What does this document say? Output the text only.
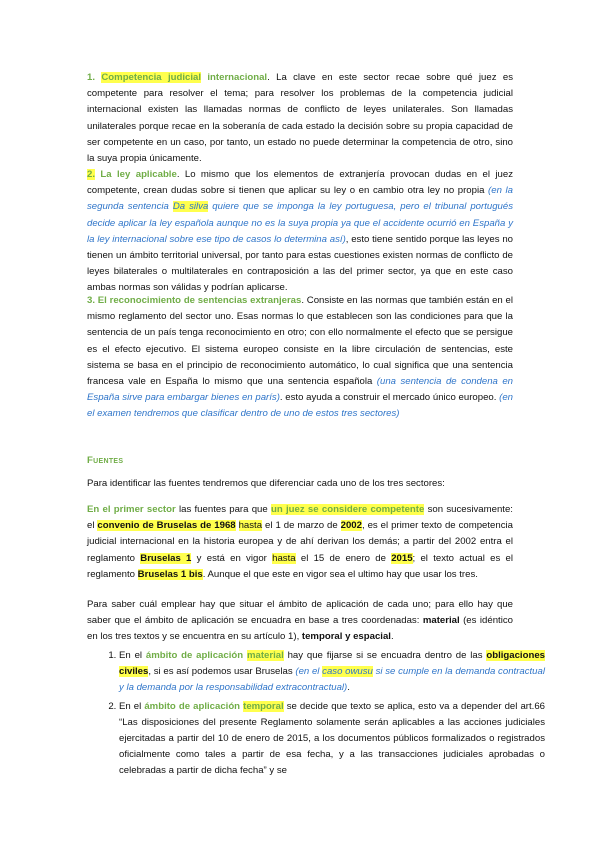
1. Competencia judicial internacional. La clave en este sector recae sobre qué juez es competente para resolver el tema; para resolver los problemas de la competencia judicial internacional existen las llamadas normas de conflicto de leyes unilaterales. Son llamadas unilaterales porque recae en la soberanía de cada estado la decisión sobre su propia capacidad de ser competente en un caso, por tanto, un estado no puede determinar la competencia de otro, sino la suya propia únicamente.

2. La ley aplicable. Lo mismo que los elementos de extranjería provocan dudas en el juez competente, crean dudas sobre si tienen que aplicar su ley o en cambio otra ley no propia (en la segunda sentencia Da silva quiere que se imponga la ley portuguesa, pero el tribunal portugués decide aplicar la ley española aunque no es la suya propia ya que el accidente ocurrió en España y la ley internacional sobre ese tipo de casos lo determina así), esto tiene sentido porque las leyes no tienen un ámbito territorial universal, por tanto para estas cuestiones existen normas de conflicto de leyes bilaterales o multilaterales en contraposición a las del primer sector, ya que en este caso ambas normas son válidas y podrían aplicarse.

3. El reconocimiento de sentencias extranjeras. Consiste en las normas que también están en el mismo reglamento del sector uno. Esas normas lo que establecen son las condiciones para que la sentencia de un país tenga reconocimiento en otro; con ello normalmente el efecto que se persigue es el efecto ejecutivo. El sistema europeo consiste en la libre circulación de sentencias, este sistema se basa en el principio de reconocimiento automático, lo cual significa que una sentencia francesa vale en España lo mismo que una sentencia española (una sentencia de condena en España sirve para embargar bienes en parís). esto ayuda a construir el mercado único europeo. (en el examen tendremos que clasificar dentro de uno de estos tres sectores)

Fuentes

Para identificar las fuentes tendremos que diferenciar cada uno de los tres sectores:

En el primer sector las fuentes para que un juez se considere competente son sucesivamente: el convenio de Bruselas de 1968 hasta el 1 de marzo de 2002, es el primer texto de competencia judicial internacional en la historia europea y de ahí derivan los demás; a partir del 2002 entra el reglamento Bruselas 1 y está en vigor hasta el 15 de enero de 2015; el texto actual es el reglamento Bruselas 1 bis. Aunque el que este en vigor sea el ultimo hay que usar los tres.

Para saber cuál emplear hay que situar el ámbito de aplicación de cada uno; para ello hay que saber que el ámbito de aplicación se encuadra en base a tres coordenadas: material (es idéntico en los tres textos y se encuentra en su artículo 1), temporal y espacial.

1. En el ámbito de aplicación material hay que fijarse si se encuadra dentro de las obligaciones civiles, si es así podemos usar Bruselas (en el caso owusu si se cumple en la demanda contractual y la demanda por la responsabilidad extracontractual).
2. En el ámbito de aplicación temporal se decide que texto se aplica, esto va a depender del art.66 “Las disposiciones del presente Reglamento solamente serán aplicables a las acciones judiciales ejercitadas a partir del 10 de enero de 2015, a los documentos públicos formalizados o registrados oficialmente como tales a partir de esa fecha, y a las transacciones judiciales aprobadas o celebradas a partir de dicha fecha” y se
